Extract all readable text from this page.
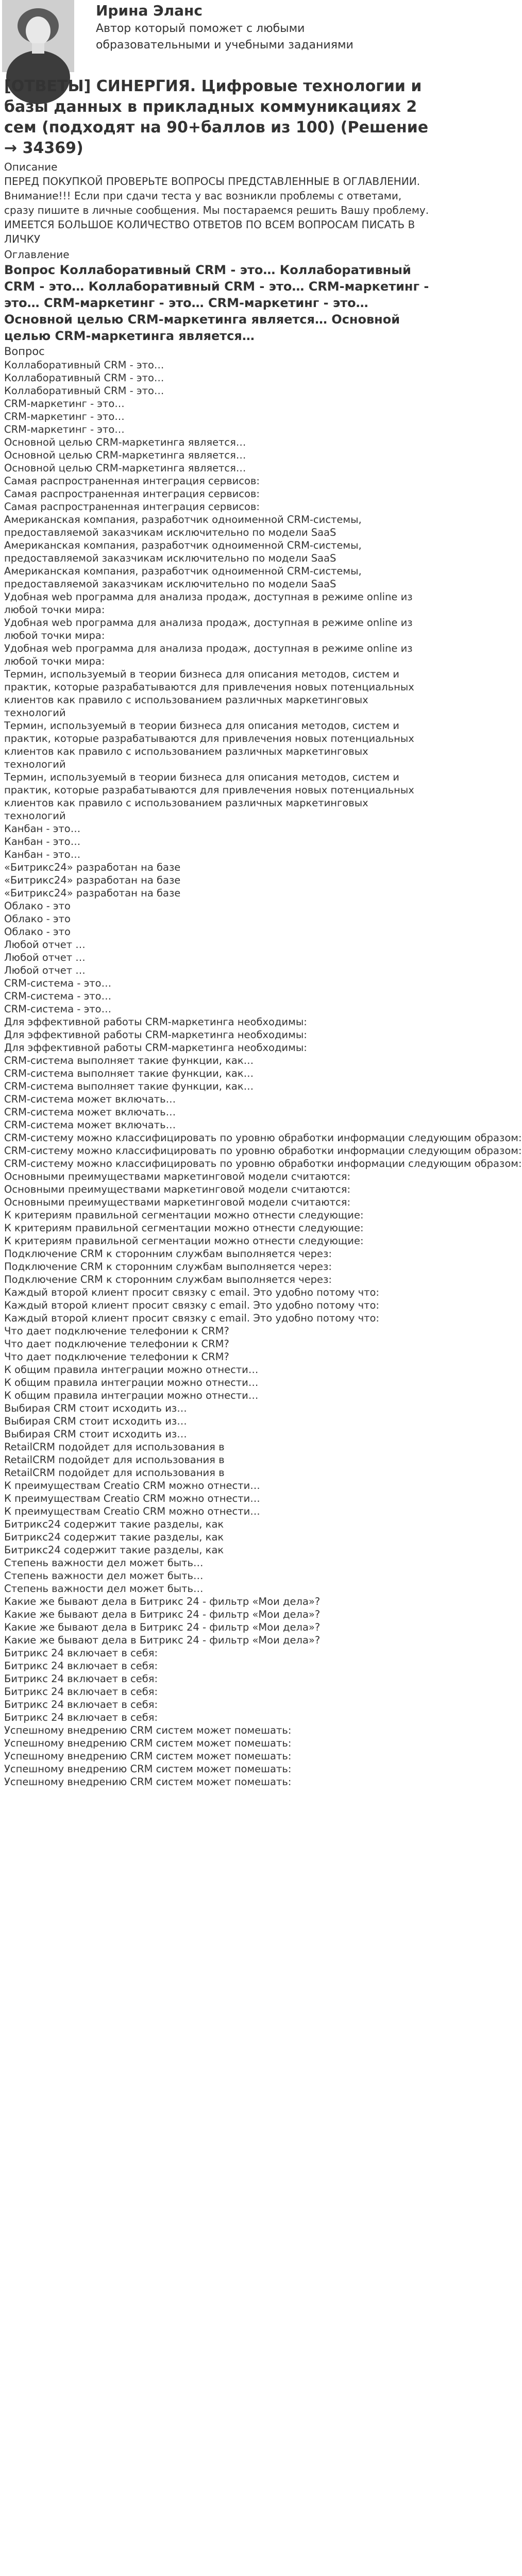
Ирина Эланс
Автор который поможет с любыми образовательными и учебными заданиями
[ОТВЕТЫ] СИНЕРГИЯ. Цифровые технологии и базы данных в прикладных коммуникациях 2 сем (подходят на 90+баллов из 100) (Решение → 34369)
Описание
ПЕРЕД ПОКУПКОЙ ПРОВЕРЬТЕ ВОПРОСЫ ПРЕДСТАВЛЕННЫЕ В ОГЛАВЛЕНИИ.
Внимание!!! Если при сдачи теста у вас возникли проблемы с ответами, сразу пишите в личные сообщения. Мы постараемся решить Вашу проблему.
ИМЕЕТСЯ БОЛЬШОЕ КОЛИЧЕСТВО ОТВЕТОВ ПО ВСЕМ ВОПРОСАМ ПИСАТЬ В ЛИЧКУ
Оглавление
Вопрос Коллаборативный CRM - это… Коллаборативный CRM - это… Коллаборативный CRM - это… CRM-маркетинг - это… CRM-маркетинг - это… CRM-маркетинг - это… Основной целью CRM-маркетинга является… Основной целью CRM-маркетинга является…
Вопрос
Коллаборативный CRM - это…
Коллаборативный CRM - это…
Коллаборативный CRM - это…
CRM-маркетинг - это…
CRM-маркетинг - это…
CRM-маркетинг - это…
Основной целью CRM-маркетинга является…
Основной целью CRM-маркетинга является…
Основной целью CRM-маркетинга является…
Самая распространенная интеграция сервисов:
Самая распространенная интеграция сервисов:
Самая распространенная интеграция сервисов:
Американская компания, разработчик одноименной CRM-системы, предоставляемой заказчикам исключительно по модели SaaS
Американская компания, разработчик одноименной CRM-системы, предоставляемой заказчикам исключительно по модели SaaS
Американская компания, разработчик одноименной CRM-системы, предоставляемой заказчикам исключительно по модели SaaS
Удобная web программа для анализа продаж, доступная в режиме online из любой точки мира:
Удобная web программа для анализа продаж, доступная в режиме online из любой точки мира:
Удобная web программа для анализа продаж, доступная в режиме online из любой точки мира:
Термин, используемый в теории бизнеса для описания методов, систем и практик, которые разрабатываются для привлечения новых потенциальных клиентов как правило с использованием различных маркетинговых технологий
Термин, используемый в теории бизнеса для описания методов, систем и практик, которые разрабатываются для привлечения новых потенциальных клиентов как правило с использованием различных маркетинговых технологий
Термин, используемый в теории бизнеса для описания методов, систем и практик, которые разрабатываются для привлечения новых потенциальных клиентов как правило с использованием различных маркетинговых технологий
Канбан - это…
Канбан - это…
Канбан - это…
«Битрикс24» разработан на базе
«Битрикс24» разработан на базе
«Битрикс24» разработан на базе
Облако - это
Облако - это
Облако - это
Любой отчет …
Любой отчет …
Любой отчет …
CRM-система - это…
CRM-система - это…
CRM-система - это…
Для эффективной работы CRM-маркетинга необходимы:
Для эффективной работы CRM-маркетинга необходимы:
Для эффективной работы CRM-маркетинга необходимы:
CRM-система выполняет такие функции, как…
CRM-система выполняет такие функции, как…
CRM-система выполняет такие функции, как…
CRM-система может включать…
CRM-система может включать…
CRM-система может включать…
CRM-систему можно классифицировать по уровню обработки информации следующим образом:
CRM-систему можно классифицировать по уровню обработки информации следующим образом:
CRM-систему можно классифицировать по уровню обработки информации следующим образом:
Основными преимуществами маркетинговой модели считаются:
Основными преимуществами маркетинговой модели считаются:
Основными преимуществами маркетинговой модели считаются:
К критериям правильной сегментации можно отнести следующие:
К критериям правильной сегментации можно отнести следующие:
К критериям правильной сегментации можно отнести следующие:
Подключение CRM к сторонним службам выполняется через:
Подключение CRM к сторонним службам выполняется через:
Подключение CRM к сторонним службам выполняется через:
Каждый второй клиент просит связку с email. Это удобно потому что:
Каждый второй клиент просит связку с email. Это удобно потому что:
Каждый второй клиент просит связку с email. Это удобно потому что:
Что дает подключение телефонии к CRM?
Что дает подключение телефонии к CRM?
Что дает подключение телефонии к CRM?
К общим правила интеграции можно отнести…
К общим правила интеграции можно отнести…
К общим правила интеграции можно отнести…
Выбирая CRM стоит исходить из…
Выбирая CRM стоит исходить из…
Выбирая CRM стоит исходить из…
RetailCRM подойдет для использования в
RetailCRM подойдет для использования в
RetailCRM подойдет для использования в
К преимуществам Creatio CRM можно отнести…
К преимуществам Creatio CRM можно отнести…
К преимуществам Creatio CRM можно отнести…
Битрикс24 содержит такие разделы, как
Битрикс24 содержит такие разделы, как
Битрикс24 содержит такие разделы, как
Степень важности дел может быть…
Степень важности дел может быть…
Степень важности дел может быть…
Какие же бывают дела в Битрикс 24 - фильтр «Мои дела»?
Какие же бывают дела в Битрикс 24 - фильтр «Мои дела»?
Какие же бывают дела в Битрикс 24 - фильтр «Мои дела»?
Какие же бывают дела в Битрикс 24 - фильтр «Мои дела»?
Битрикс 24 включает в себя:
Битрикс 24 включает в себя:
Битрикс 24 включает в себя:
Битрикс 24 включает в себя:
Битрикс 24 включает в себя:
Битрикс 24 включает в себя:
Успешному внедрению CRM систем может помешать:
Успешному внедрению CRM систем может помешать:
Успешному внедрению CRM систем может помешать:
Успешному внедрению CRM систем может помешать:
Успешному внедрению CRM систем может помешать:
